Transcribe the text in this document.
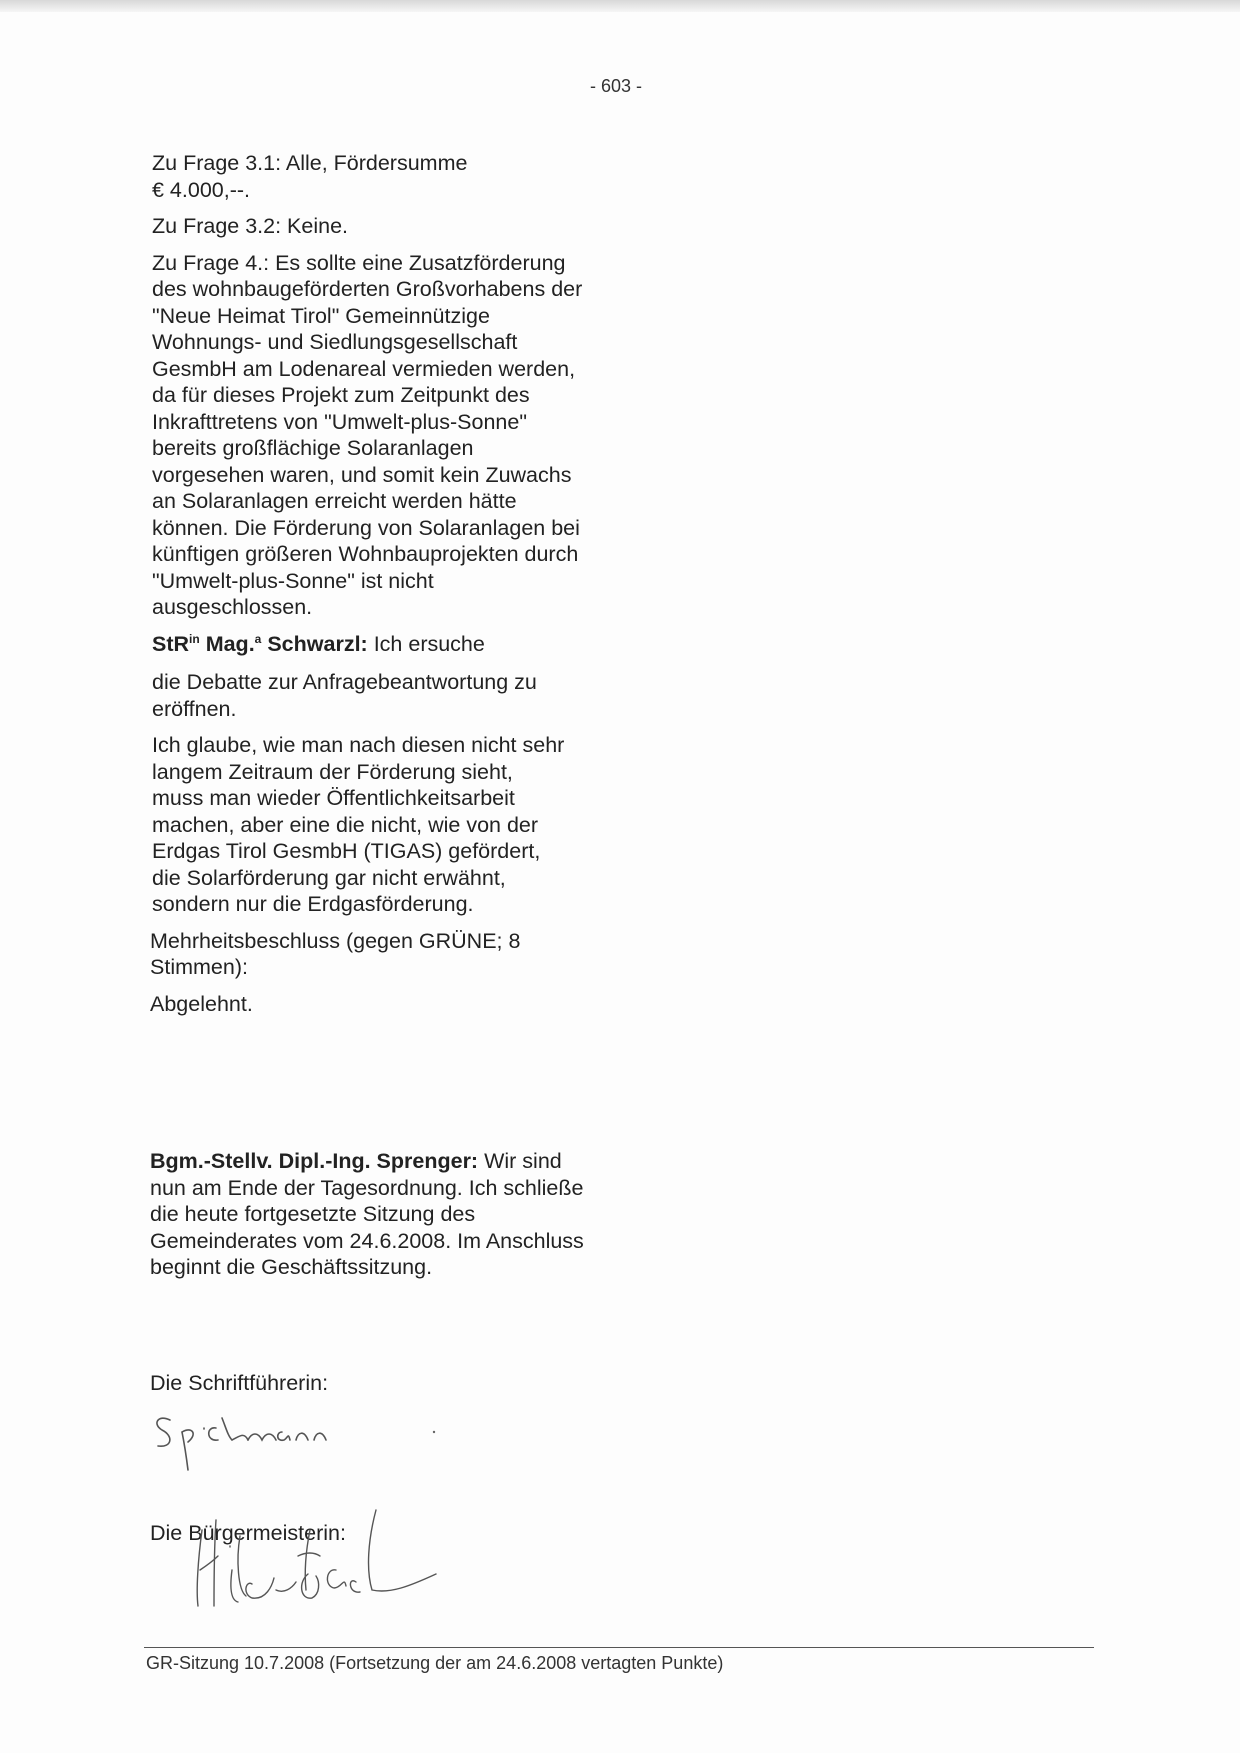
- 603 -

Zu Frage 3.1: Alle, Fördersumme
€ 4.000,--.

Zu Frage 3.2: Keine.

Zu Frage 4.: Es sollte eine Zusatzförderung des wohnbaugeförderten Großvorhabens der "Neue Heimat Tirol" Gemeinnützige Wohnungs- und Siedlungsgesellschaft GesmbH am Lodenareal vermieden werden, da für dieses Projekt zum Zeitpunkt des Inkrafttretens von "Umwelt-plus-Sonne" bereits großflächige Solaranlagen vorgesehen waren, und somit kein Zuwachs an Solaranlagen erreicht werden hätte können. Die Förderung von Solaranlagen bei künftigen größeren Wohnbauprojekten durch "Umwelt-plus-Sonne" ist nicht ausgeschlossen.

StR$^{in}$ Mag.$^a$ Schwarzl: Ich ersuche

die Debatte zur Anfragebeantwortung zu eröffnen.

Ich glaube, wie man nach diesen nicht sehr langem Zeitraum der Förderung sieht, muss man wieder Öffentlichkeitsarbeit machen, aber eine die nicht, wie von der Erdgas Tirol GesmbH (TIGAS) gefördert, die Solarförderung gar nicht erwähnt, sondern nur die Erdgasförderung.

Mehrheitsbeschluss (gegen GRÜNE; 8 Stimmen):

Abgelehnt.

Bgm.-Stellv. Dipl.-Ing. Sprenger: Wir sind nun am Ende der Tagesordnung. Ich schließe die heute fortgesetzte Sitzung des Gemeinderates vom 24.6.2008. Im Anschluss beginnt die Geschäftssitzung.
Die Schriftführerin:
Die Bürgermeisterin:
GR-Sitzung 10.7.2008 (Fortsetzung der am 24.6.2008 vertagten Punkte)
